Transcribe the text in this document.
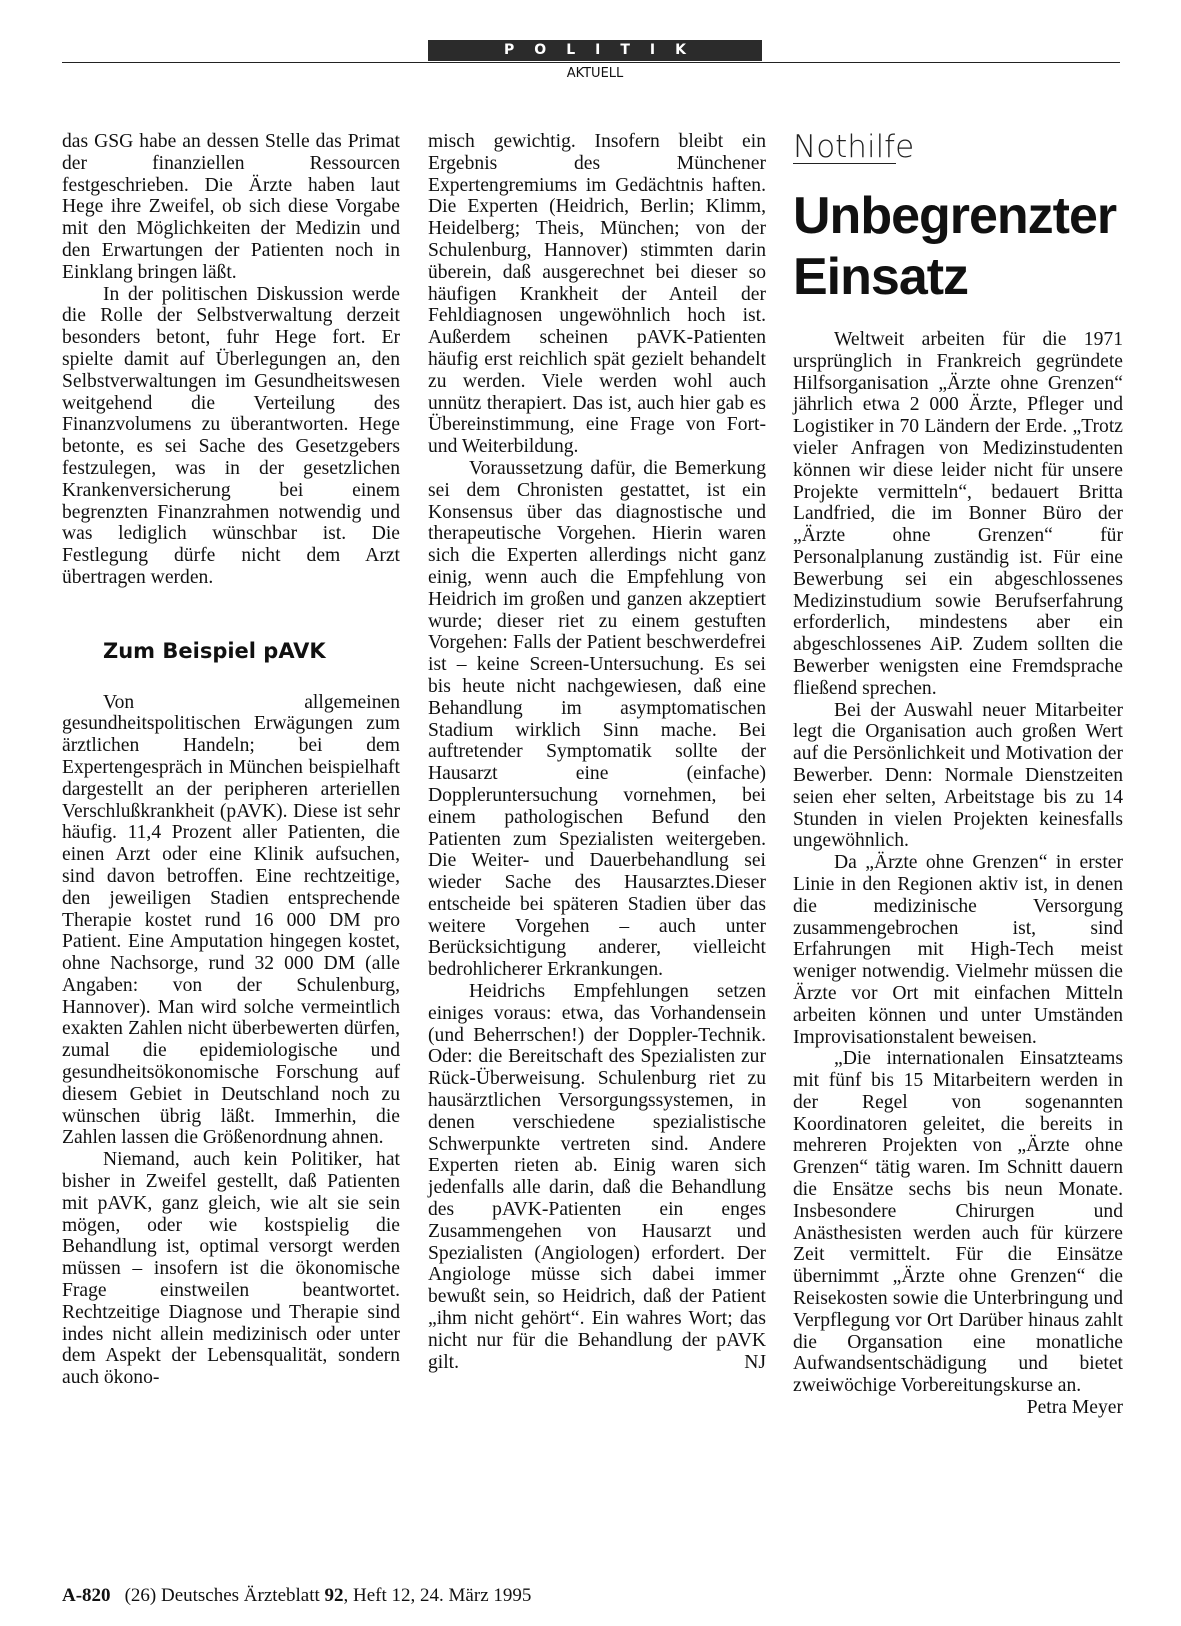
POLITIK
AKTUELL

das GSG habe an dessen Stelle das Primat der finanziellen Ressourcen festgeschrieben. Die Ärzte haben laut Hege ihre Zweifel, ob sich diese Vorgabe mit den Möglichkeiten der Medizin und den Erwartungen der Patienten noch in Einklang bringen läßt.

In der politischen Diskussion werde die Rolle der Selbstverwaltung derzeit besonders betont, fuhr Hege fort. Er spielte damit auf Überlegungen an, den Selbstverwaltungen im Gesundheitswesen weitgehend die Verteilung des Finanzvolumens zu überantworten. Hege betonte, es sei Sache des Gesetzgebers festzulegen, was in der gesetzlichen Krankenversicherung bei einem begrenzten Finanzrahmen notwendig und was lediglich wünschbar ist. Die Festlegung dürfe nicht dem Arzt übertragen werden.

Zum Beispiel pAVK

Von allgemeinen gesundheitspolitischen Erwägungen zum ärztlichen Handeln; bei dem Expertengespräch in München beispielhaft dargestellt an der peripheren arteriellen Verschlußkrankheit (pAVK). Diese ist sehr häufig. 11,4 Prozent aller Patienten, die einen Arzt oder eine Klinik aufsuchen, sind davon betroffen. Eine rechtzeitige, den jeweiligen Stadien entsprechende Therapie kostet rund 16 000 DM pro Patient. Eine Amputation hingegen kostet, ohne Nachsorge, rund 32 000 DM (alle Angaben: von der Schulenburg, Hannover). Man wird solche vermeintlich exakten Zahlen nicht überbewerten dürfen, zumal die epidemiologische und gesundheitsökonomische Forschung auf diesem Gebiet in Deutschland noch zu wünschen übrig läßt. Immerhin, die Zahlen lassen die Größenordnung ahnen.

Niemand, auch kein Politiker, hat bisher in Zweifel gestellt, daß Patienten mit pAVK, ganz gleich, wie alt sie sein mögen, oder wie kostspielig die Behandlung ist, optimal versorgt werden müssen – insofern ist die ökonomische Frage einstweilen beantwortet. Rechtzeitige Diagnose und Therapie sind indes nicht allein medizinisch oder unter dem Aspekt der Lebensqualität, sondern auch ökono-

misch gewichtig. Insofern bleibt ein Ergebnis des Münchener Expertengremiums im Gedächtnis haften. Die Experten (Heidrich, Berlin; Klimm, Heidelberg; Theis, München; von der Schulenburg, Hannover) stimmten darin überein, daß ausgerechnet bei dieser so häufigen Krankheit der Anteil der Fehldiagnosen ungewöhnlich hoch ist. Außerdem scheinen pAVK-Patienten häufig erst reichlich spät gezielt behandelt zu werden. Viele werden wohl auch unnütz therapiert. Das ist, auch hier gab es Übereinstimmung, eine Frage von Fort- und Weiterbildung.

Voraussetzung dafür, die Bemerkung sei dem Chronisten gestattet, ist ein Konsensus über das diagnostische und therapeutische Vorgehen. Hierin waren sich die Experten allerdings nicht ganz einig, wenn auch die Empfehlung von Heidrich im großen und ganzen akzeptiert wurde; dieser riet zu einem gestuften Vorgehen: Falls der Patient beschwerdefrei ist – keine Screen-Untersuchung. Es sei bis heute nicht nachgewiesen, daß eine Behandlung im asymptomatischen Stadium wirklich Sinn mache. Bei auftretender Symptomatik sollte der Hausarzt eine (einfache) Doppleruntersuchung vornehmen, bei einem pathologischen Befund den Patienten zum Spezialisten weitergeben. Die Weiter- und Dauerbehandlung sei wieder Sache des Hausarztes.Dieser entscheide bei späteren Stadien über das weitere Vorgehen – auch unter Berücksichtigung anderer, vielleicht bedrohlicherer Erkrankungen.

Heidrichs Empfehlungen setzen einiges voraus: etwa, das Vorhandensein (und Beherrschen!) der Doppler-Technik. Oder: die Bereitschaft des Spezialisten zur Rück-Überweisung. Schulenburg riet zu hausärztlichen Versorgungssystemen, in denen verschiedene spezialistische Schwerpunkte vertreten sind. Andere Experten rieten ab. Einig waren sich jedenfalls alle darin, daß die Behandlung des pAVK-Patienten ein enges Zusammengehen von Hausarzt und Spezialisten (Angiologen) erfordert. Der Angiologe müsse sich dabei immer bewußt sein, so Heidrich, daß der Patient „ihm nicht gehört“. Ein wahres Wort; das nicht nur für die Behandlung der pAVK gilt.	NJ

Nothilfe
Unbegrenzter
Einsatz

Weltweit arbeiten für die 1971 ursprünglich in Frankreich gegründete Hilfsorganisation „Ärzte ohne Grenzen“ jährlich etwa 2 000 Ärzte, Pfleger und Logistiker in 70 Ländern der Erde. „Trotz vieler Anfragen von Medizinstudenten können wir diese leider nicht für unsere Projekte vermitteln“, bedauert Britta Landfried, die im Bonner Büro der „Ärzte ohne Grenzen“ für Personalplanung zuständig ist. Für eine Bewerbung sei ein abgeschlossenes Medizinstudium sowie Berufserfahrung erforderlich, mindestens aber ein abgeschlossenes AiP. Zudem sollten die Bewerber wenigsten eine Fremdsprache fließend sprechen.

Bei der Auswahl neuer Mitarbeiter legt die Organisation auch großen Wert auf die Persönlichkeit und Motivation der Bewerber. Denn: Normale Dienstzeiten seien eher selten, Arbeitstage bis zu 14 Stunden in vielen Projekten keinesfalls ungewöhnlich.

Da „Ärzte ohne Grenzen“ in erster Linie in den Regionen aktiv ist, in denen die medizinische Versorgung zusammengebrochen ist, sind Erfahrungen mit High-Tech meist weniger notwendig. Vielmehr müssen die Ärzte vor Ort mit einfachen Mitteln arbeiten können und unter Umständen Improvisationstalent beweisen.

„Die internationalen Einsatzteams mit fünf bis 15 Mitarbeitern werden in der Regel von sogenannten Koordinatoren geleitet, die bereits in mehreren Projekten von „Ärzte ohne Grenzen“ tätig waren. Im Schnitt dauern die Ensätze sechs bis neun Monate. Insbesondere Chirurgen und Anästhesisten werden auch für kürzere Zeit vermittelt. Für die Einsätze übernimmt „Ärzte ohne Grenzen“ die Reisekosten sowie die Unterbringung und Verpflegung vor Ort Darüber hinaus zahlt die Organsation eine monatliche Aufwandsentschädigung und bietet zweiwöchige Vorbereitungskurse an.
Petra Meyer

A-820 (26) Deutsches Ärzteblatt 92, Heft 12, 24. März 1995
